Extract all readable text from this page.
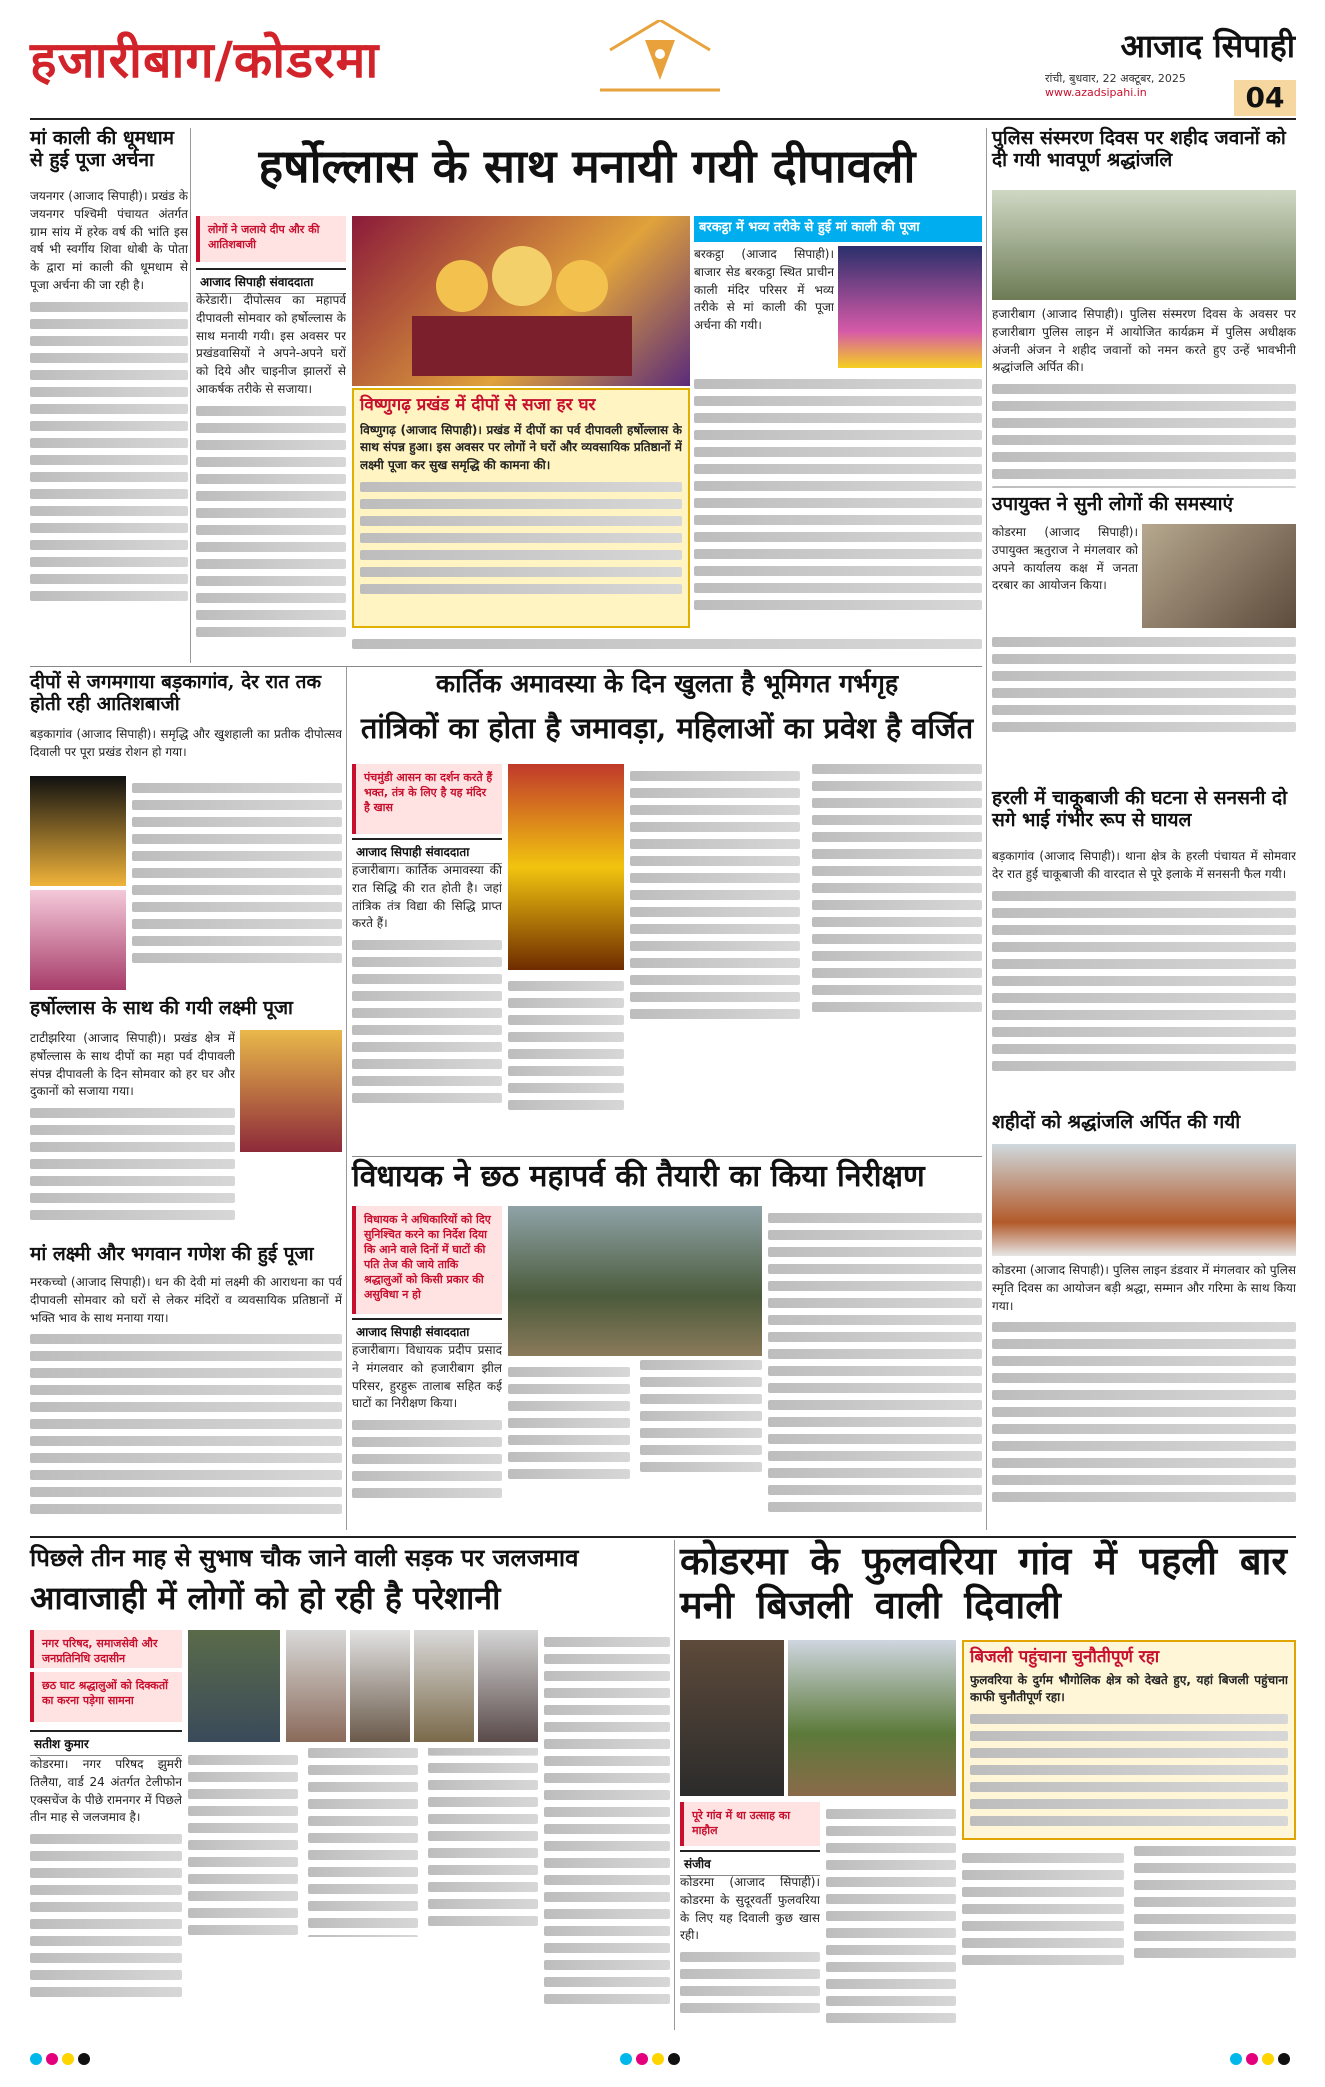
हजारीबाग/कोडरमा	आजाद सिपाही
रांची, बुधवार, 22 अक्टूबर, 2025
www.azadsipahi.in	04
मां काली की धूमधाम से हुई पूजा अर्चना
जयनगर (आजाद सिपाही)। प्रखंड के जयनगर पश्चिमी पंचायत अंतर्गत ग्राम सांय में हरेक वर्ष की भांति इस वर्ष भी स्वर्गीय शिवा धोबी के पोता के द्वारा मां काली की धूमधाम से पूजा अर्चना की जा रही है।
हर्षोल्लास के साथ मनायी गयी दीपावली
लोगों ने जलाये दीप और की आतिशबाजी
आजाद सिपाही संवाददाता
केरेडारी। दीपोत्सव का महापर्व दीपावली सोमवार को हर्षोल्लास के साथ मनायी गयी। इस अवसर पर प्रखंडवासियों ने अपने-अपने घरों को दिये और चाइनीज झालरों से आकर्षक तरीके से सजाया।
विष्णुगढ़ प्रखंड में दीपों से सजा हर घर
विष्णुगढ़ (आजाद सिपाही)। प्रखंड में दीपों का पर्व दीपावली हर्षोल्लास के साथ संपन्न हुआ। इस अवसर पर लोगों ने घरों और व्यवसायिक प्रतिष्ठानों में लक्ष्मी पूजा कर सुख समृद्धि की कामना की।
बरकट्ठा में भव्य तरीके से हुई मां काली की पूजा
बरकट्ठा (आजाद सिपाही)। बाजार सेड बरकट्ठा स्थित प्राचीन काली मंदिर परिसर में भव्य तरीके से मां काली की पूजा अर्चना की गयी।
पुलिस संस्मरण दिवस पर शहीद जवानों को दी गयी भावपूर्ण श्रद्धांजलि
हजारीबाग (आजाद सिपाही)। पुलिस संस्मरण दिवस के अवसर पर हजारीबाग पुलिस लाइन में आयोजित कार्यक्रम में पुलिस अधीक्षक अंजनी अंजन ने शहीद जवानों को नमन करते हुए उन्हें भावभीनी श्रद्धांजलि अर्पित की।
उपायुक्त ने सुनी लोगों की समस्याएं
कोडरमा (आजाद सिपाही)। उपायुक्त ऋतुराज ने मंगलवार को अपने कार्यालय कक्ष में जनता दरबार का आयोजन किया।
हरली में चाकूबाजी की घटना से सनसनी दो सगे भाई गंभीर रूप से घायल
बड़कागांव (आजाद सिपाही)। थाना क्षेत्र के हरली पंचायत में सोमवार देर रात हुई चाकूबाजी की वारदात से पूरे इलाके में सनसनी फैल गयी।
शहीदों को श्रद्धांजलि अर्पित की गयी
कोडरमा (आजाद सिपाही)। पुलिस लाइन डंडवार में मंगलवार को पुलिस स्मृति दिवस का आयोजन बड़ी श्रद्धा, सम्मान और गरिमा के साथ किया गया।
दीपों से जगमगाया बड़कागांव, देर रात तक होती रही आतिशबाजी
बड़कागांव (आजाद सिपाही)। समृद्धि और खुशहाली का प्रतीक दीपोत्सव दिवाली पर पूरा प्रखंड रोशन हो गया।
हर्षोल्लास के साथ की गयी लक्ष्मी पूजा
टाटीझरिया (आजाद सिपाही)। प्रखंड क्षेत्र में हर्षोल्लास के साथ दीपों का महा पर्व दीपावली संपन्न दीपावली के दिन सोमवार को हर घर और दुकानों को सजाया गया।
मां लक्ष्मी और भगवान गणेश की हुई पूजा
मरकच्चो (आजाद सिपाही)। धन की देवी मां लक्ष्मी की आराधना का पर्व दीपावली सोमवार को घरों से लेकर मंदिरों व व्यवसायिक प्रतिष्ठानों में भक्ति भाव के साथ मनाया गया।
कार्तिक अमावस्या के दिन खुलता है भूमिगत गर्भगृह
तांत्रिकों का होता है जमावड़ा, महिलाओं का प्रवेश है वर्जित
पंचमुंडी आसन का दर्शन करते हैं भक्त, तंत्र के लिए है यह मंदिर है खास
आजाद सिपाही संवाददाता
हजारीबाग। कार्तिक अमावस्या की रात सिद्धि की रात होती है। जहां तांत्रिक तंत्र विद्या की सिद्धि प्राप्त करते हैं।
विधायक ने छठ महापर्व की तैयारी का किया निरीक्षण
विधायक ने अधिकारियों को दिए सुनिश्चित करने का निर्देश दिया कि आने वाले दिनों में घाटों की पति तेज की जाये ताकि श्रद्धालुओं को किसी प्रकार की असुविधा न हो
आजाद सिपाही संवाददाता
हजारीबाग। विधायक प्रदीप प्रसाद ने मंगलवार को हजारीबाग झील परिसर, हुरहुरू तालाब सहित कई घाटों का निरीक्षण किया।
पिछले तीन माह से सुभाष चौक जाने वाली सड़क पर जलजमाव
आवाजाही में लोगों को हो रही है परेशानी
नगर परिषद, समाजसेवी और जनप्रतिनिधि उदासीन
छठ घाट श्रद्धालुओं को दिक्कतों का करना पड़ेगा सामना
सतीश कुमार
कोडरमा। नगर परिषद झुमरी तिलैया, वार्ड 24 अंतर्गत टेलीफोन एक्सचेंज के पीछे रामनगर में पिछले तीन माह से जलजमाव है।
कोडरमा के फुलवरिया गांव में पहली बार मनी बिजली वाली दिवाली
पूरे गांव में था उत्साह का माहौल
संजीव
कोडरमा (आजाद सिपाही)। कोडरमा के सुदूरवर्ती फुलवरिया के लिए यह दिवाली कुछ खास रही।
बिजली पहुंचाना चुनौतीपूर्ण रहा
फुलवरिया के दुर्गम भौगोलिक क्षेत्र को देखते हुए, यहां बिजली पहुंचाना काफी चुनौतीपूर्ण रहा।
